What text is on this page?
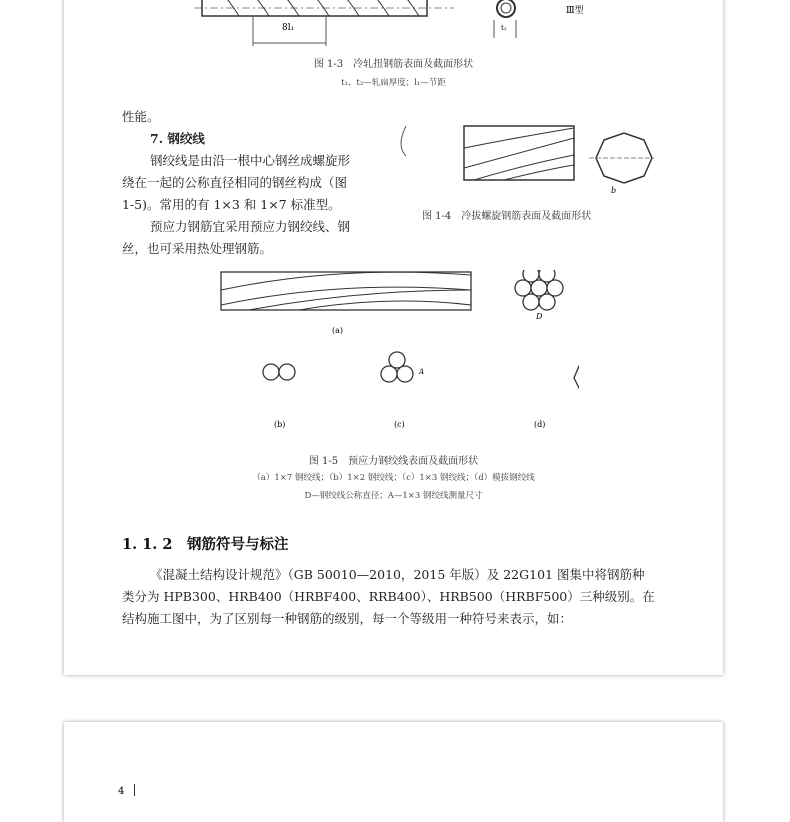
8l₁	t₂
Ⅲ型
图 1-3　冷轧扭钢筋表面及截面形状
t₁、t₂—轧扁厚度；l₁—节距
性能。
7. 钢绞线
钢绞线是由沿一根中心钢丝成螺旋形
绕在一起的公称直径相同的钢丝构成（图
1-5)。常用的有 1×3 和 1×7 标准型。
预应力钢筋宜采用预应力钢绞线、钢
丝，也可采用热处理钢筋。
b
图 1-4　冷拔螺旋钢筋表面及截面形状
D
(a)
(b)	(c)	(d)
A
图 1-5　预应力钢绞线表面及截面形状
（a）1×7 钢绞线；（b）1×2 钢绞线；（c）1×3 钢绞线；（d）模拔钢绞线
D—钢绞线公称直径；A—1×3 钢绞线测量尺寸
1. 1. 2　钢筋符号与标注
《混凝土结构设计规范》（GB 50010—2010，2015 年版）及 22G101 图集中将钢筋种
类分为 HPB300、HRB400（HRBF400、RRB400）、HRB500（HRBF500）三种级别。在
结构施工图中，为了区别每一种钢筋的级别，每一个等级用一种符号来表示，如：
4
